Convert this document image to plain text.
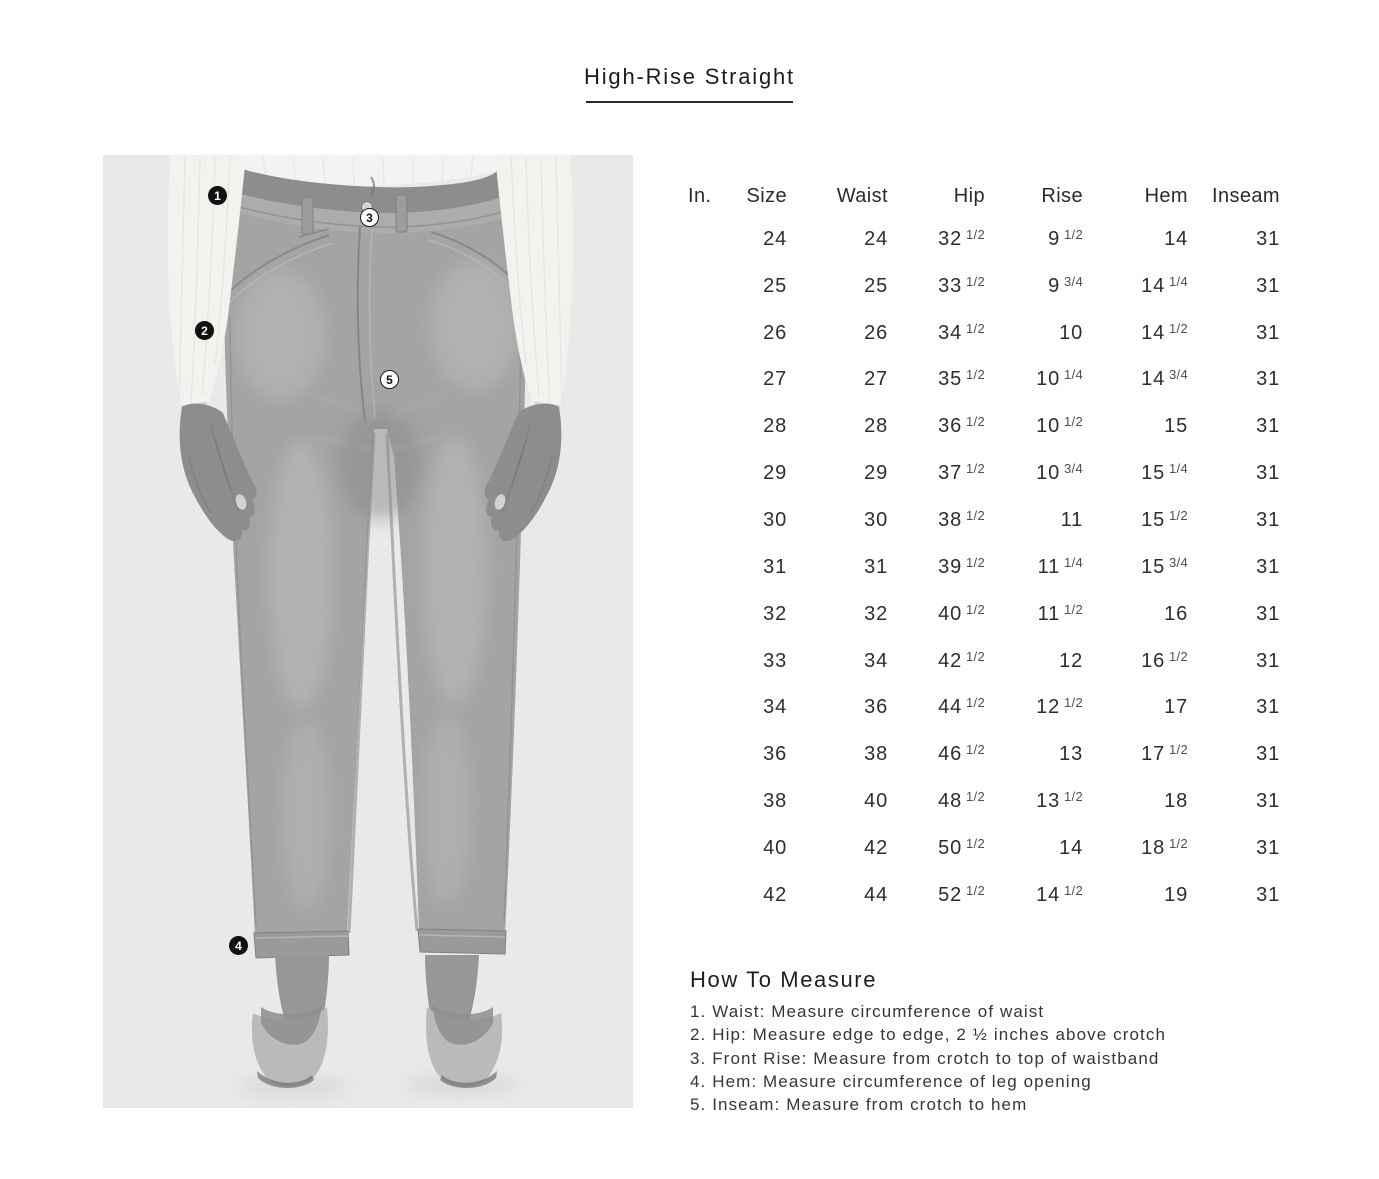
High-Rise Straight
1
2
3
4
5
In.	Size	Waist	Hip	Rise	Hem	Inseam
	24	24	32 $^{1/2}$	9 $^{1/2}$	14	31
	25	25	33 $^{1/2}$	9 $^{3/4}$	14 $^{1/4}$	31
	26	26	34 $^{1/2}$	10	14 $^{1/2}$	31
	27	27	35 $^{1/2}$	10 $^{1/4}$	14 $^{3/4}$	31
	28	28	36 $^{1/2}$	10 $^{1/2}$	15	31
	29	29	37 $^{1/2}$	10 $^{3/4}$	15 $^{1/4}$	31
	30	30	38 $^{1/2}$	11	15 $^{1/2}$	31
	31	31	39 $^{1/2}$	11 $^{1/4}$	15 $^{3/4}$	31
	32	32	40 $^{1/2}$	11 $^{1/2}$	16	31
	33	34	42 $^{1/2}$	12	16 $^{1/2}$	31
	34	36	44 $^{1/2}$	12 $^{1/2}$	17	31
	36	38	46 $^{1/2}$	13	17 $^{1/2}$	31
	38	40	48 $^{1/2}$	13 $^{1/2}$	18	31
	40	42	50 $^{1/2}$	14	18 $^{1/2}$	31
	42	44	52 $^{1/2}$	14 $^{1/2}$	19	31
How To Measure
1. Waist: Measure circumference of waist
2. Hip: Measure edge to edge, 2 ½ inches above crotch
3. Front Rise: Measure from crotch to top of waistband
4. Hem: Measure circumference of leg opening
5. Inseam: Measure from crotch to hem
